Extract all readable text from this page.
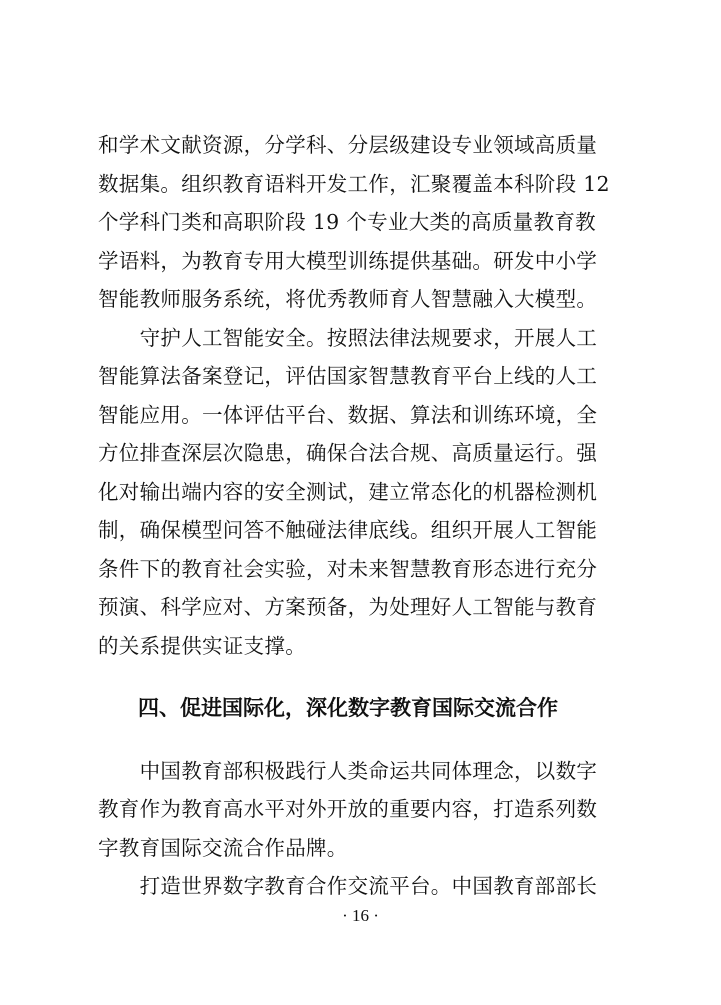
和学术文献资源，分学科、分层级建设专业领域高质量
数据集。组织教育语料开发工作，汇聚覆盖本科阶段 12
个学科门类和高职阶段 19 个专业大类的高质量教育教
学语料，为教育专用大模型训练提供基础。研发中小学
智能教师服务系统，将优秀教师育人智慧融入大模型。
　　守护人工智能安全。按照法律法规要求，开展人工
智能算法备案登记，评估国家智慧教育平台上线的人工
智能应用。一体评估平台、数据、算法和训练环境，全
方位排查深层次隐患，确保合法合规、高质量运行。强
化对输出端内容的安全测试，建立常态化的机器检测机
制，确保模型问答不触碰法律底线。组织开展人工智能
条件下的教育社会实验，对未来智慧教育形态进行充分
预演、科学应对、方案预备，为处理好人工智能与教育
的关系提供实证支撑。
四、促进国际化，深化数字教育国际交流合作
　　中国教育部积极践行人类命运共同体理念，以数字
教育作为教育高水平对外开放的重要内容，打造系列数
字教育国际交流合作品牌。
　　打造世界数字教育合作交流平台。中国教育部部长
· 16 ·
